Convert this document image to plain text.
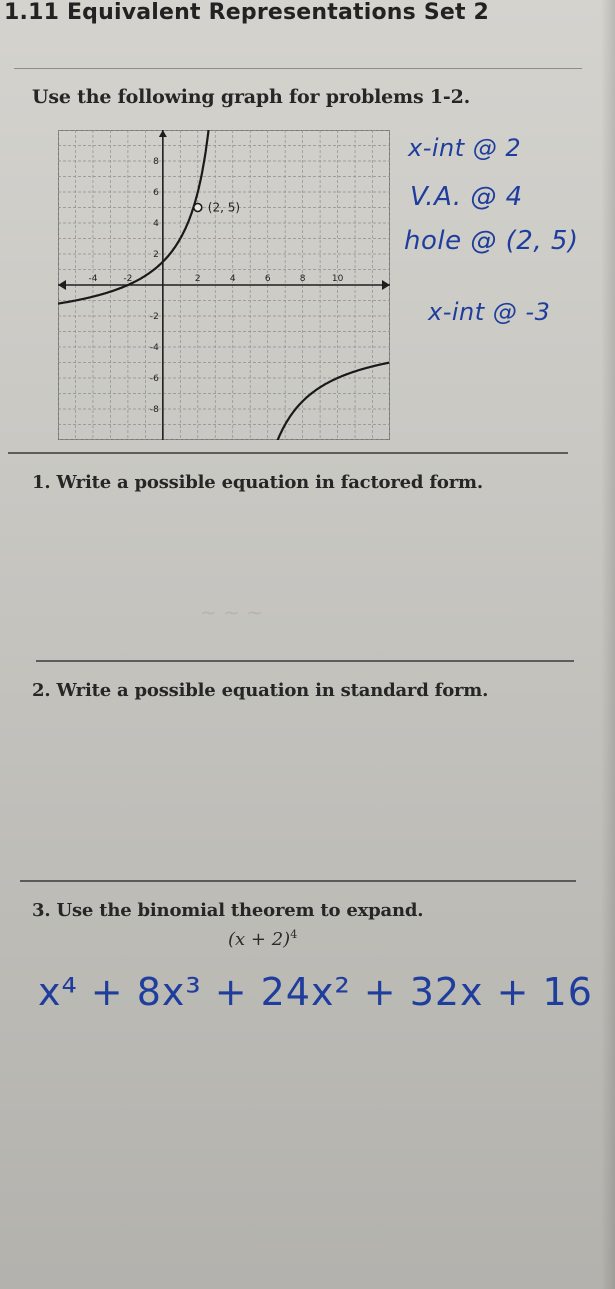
1.11 Equivalent Representations Set 2
Use the following graph for problems 1-2.
-4	-2	2	4	6	8	10
8
6
4
2
-2
-4
-6
-8
(2, 5)
x-int @ 2
V.A. @ 4
hole @ (2, 5)
x-int @ -3
1. Write a possible equation in factored form.
~ ~ ~
2. Write a possible equation in standard form.
3. Use the binomial theorem to expand.
$(x + 2)^4$
x⁴ + 8x³ + 24x² + 32x + 16
